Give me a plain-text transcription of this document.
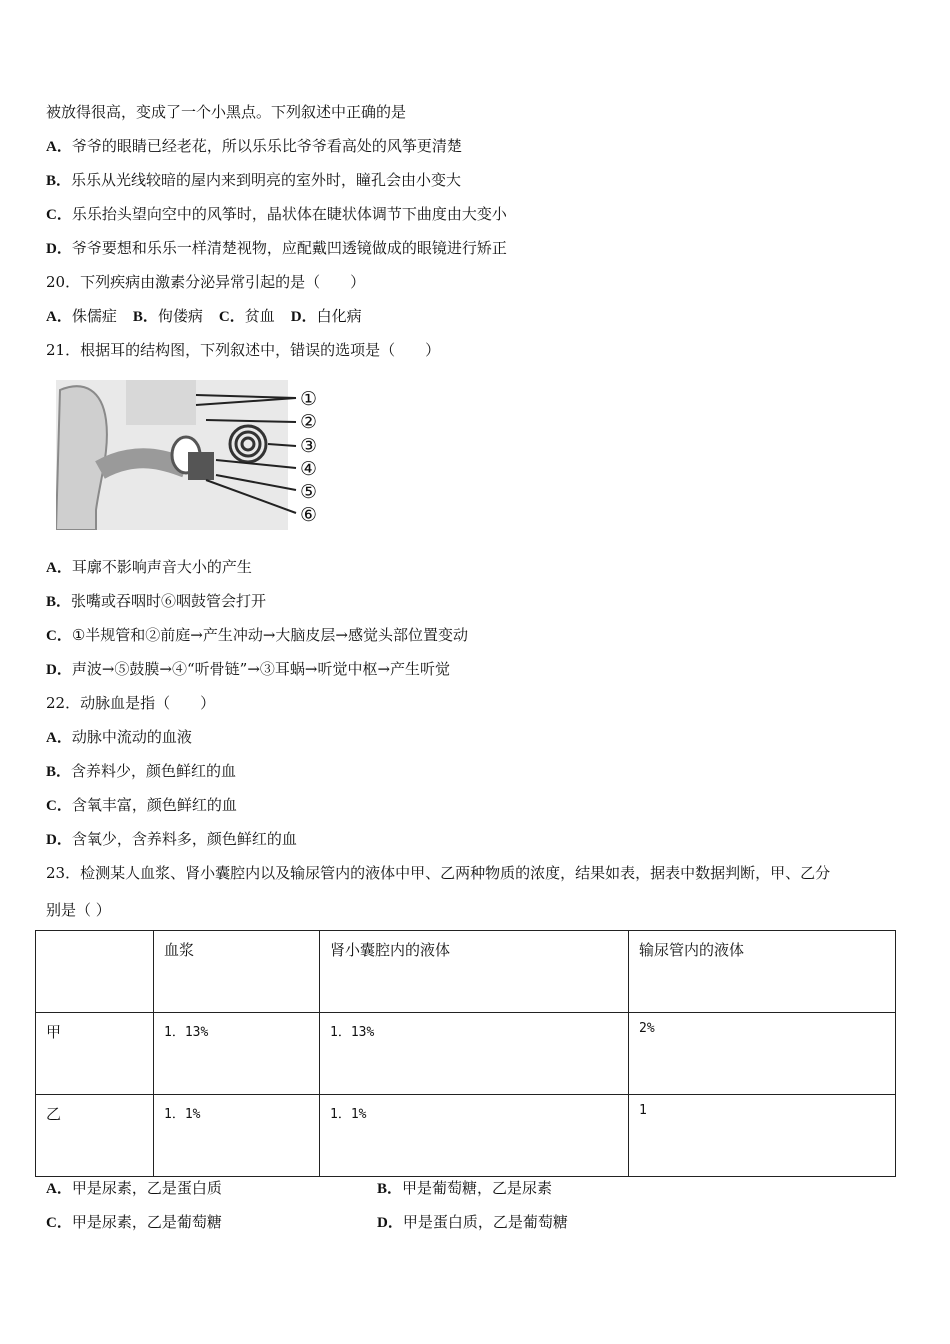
被放得很高，变成了一个小黑点。下列叙述中正确的是
A．爷爷的眼睛已经老花，所以乐乐比爷爷看高处的风筝更清楚
B．乐乐从光线较暗的屋内来到明亮的室外时，瞳孔会由小变大
C．乐乐抬头望向空中的风筝时，晶状体在睫状体调节下曲度由大变小
D．爷爷要想和乐乐一样清楚视物，应配戴凹透镜做成的眼镜进行矫正
20．下列疾病由激素分泌异常引起的是（　　）
A．侏儒症 B．佝偻病 C．贫血 D．白化病
21．根据耳的结构图，下列叙述中，错误的选项是（　　）
①
②
③
④
⑤
⑥
A．耳廓不影响声音大小的产生
B．张嘴或吞咽时⑥咽鼓管会打开
C．①半规管和②前庭→产生冲动→大脑皮层→感觉头部位置变动
D．声波→⑤鼓膜→④“听骨链”→③耳蜗→听觉中枢→产生听觉
22．动脉血是指（　　）
A．动脉中流动的血液
B．含养料少，颜色鲜红的血
C．含氧丰富，颜色鲜红的血
D．含氧少，含养料多，颜色鲜红的血
23．检测某人血浆、肾小囊腔内以及输尿管内的液体中甲、乙两种物质的浓度，结果如表，据表中数据判断，甲、乙分
别是（ ）
	血浆	肾小囊腔内的液体	输尿管内的液体
甲	1．13%	1．13%	2%
乙	1．1%	1．1%	1
A．甲是尿素，乙是蛋白质	B．甲是葡萄糖，乙是尿素
C．甲是尿素，乙是葡萄糖	D．甲是蛋白质，乙是葡萄糖
